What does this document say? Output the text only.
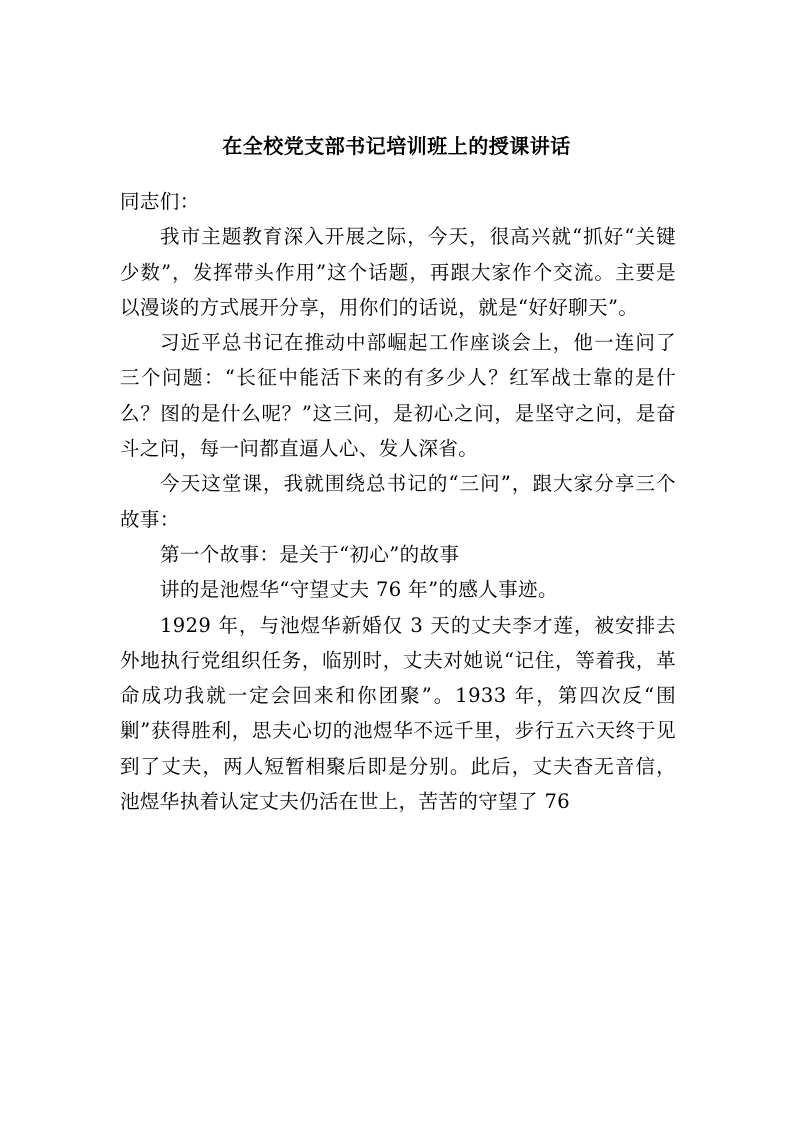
在全校党支部书记培训班上的授课讲话

同志们：

我市主题教育深入开展之际，今天，很高兴就“抓好“关键少数”，发挥带头作用”这个话题，再跟大家作个交流。主要是以漫谈的方式展开分享，用你们的话说，就是“好好聊天”。

习近平总书记在推动中部崛起工作座谈会上，他一连问了三个问题：“长征中能活下来的有多少人？红军战士靠的是什么？图的是什么呢？”这三问，是初心之问，是坚守之问，是奋斗之问，每一问都直逼人心、发人深省。

今天这堂课，我就围绕总书记的“三问”，跟大家分享三个故事：

第一个故事：是关于“初心”的故事

讲的是池煜华“守望丈夫 76 年”的感人事迹。

1929 年，与池煜华新婚仅 3 天的丈夫李才莲，被安排去外地执行党组织任务，临别时，丈夫对她说“记住，等着我，革命成功我就一定会回来和你团聚”。1933 年，第四次反“围剿”获得胜利，思夫心切的池煜华不远千里，步行五六天终于见到了丈夫，两人短暂相聚后即是分别。此后，丈夫杳无音信，池煜华执着认定丈夫仍活在世上，苦苦的守望了 76
